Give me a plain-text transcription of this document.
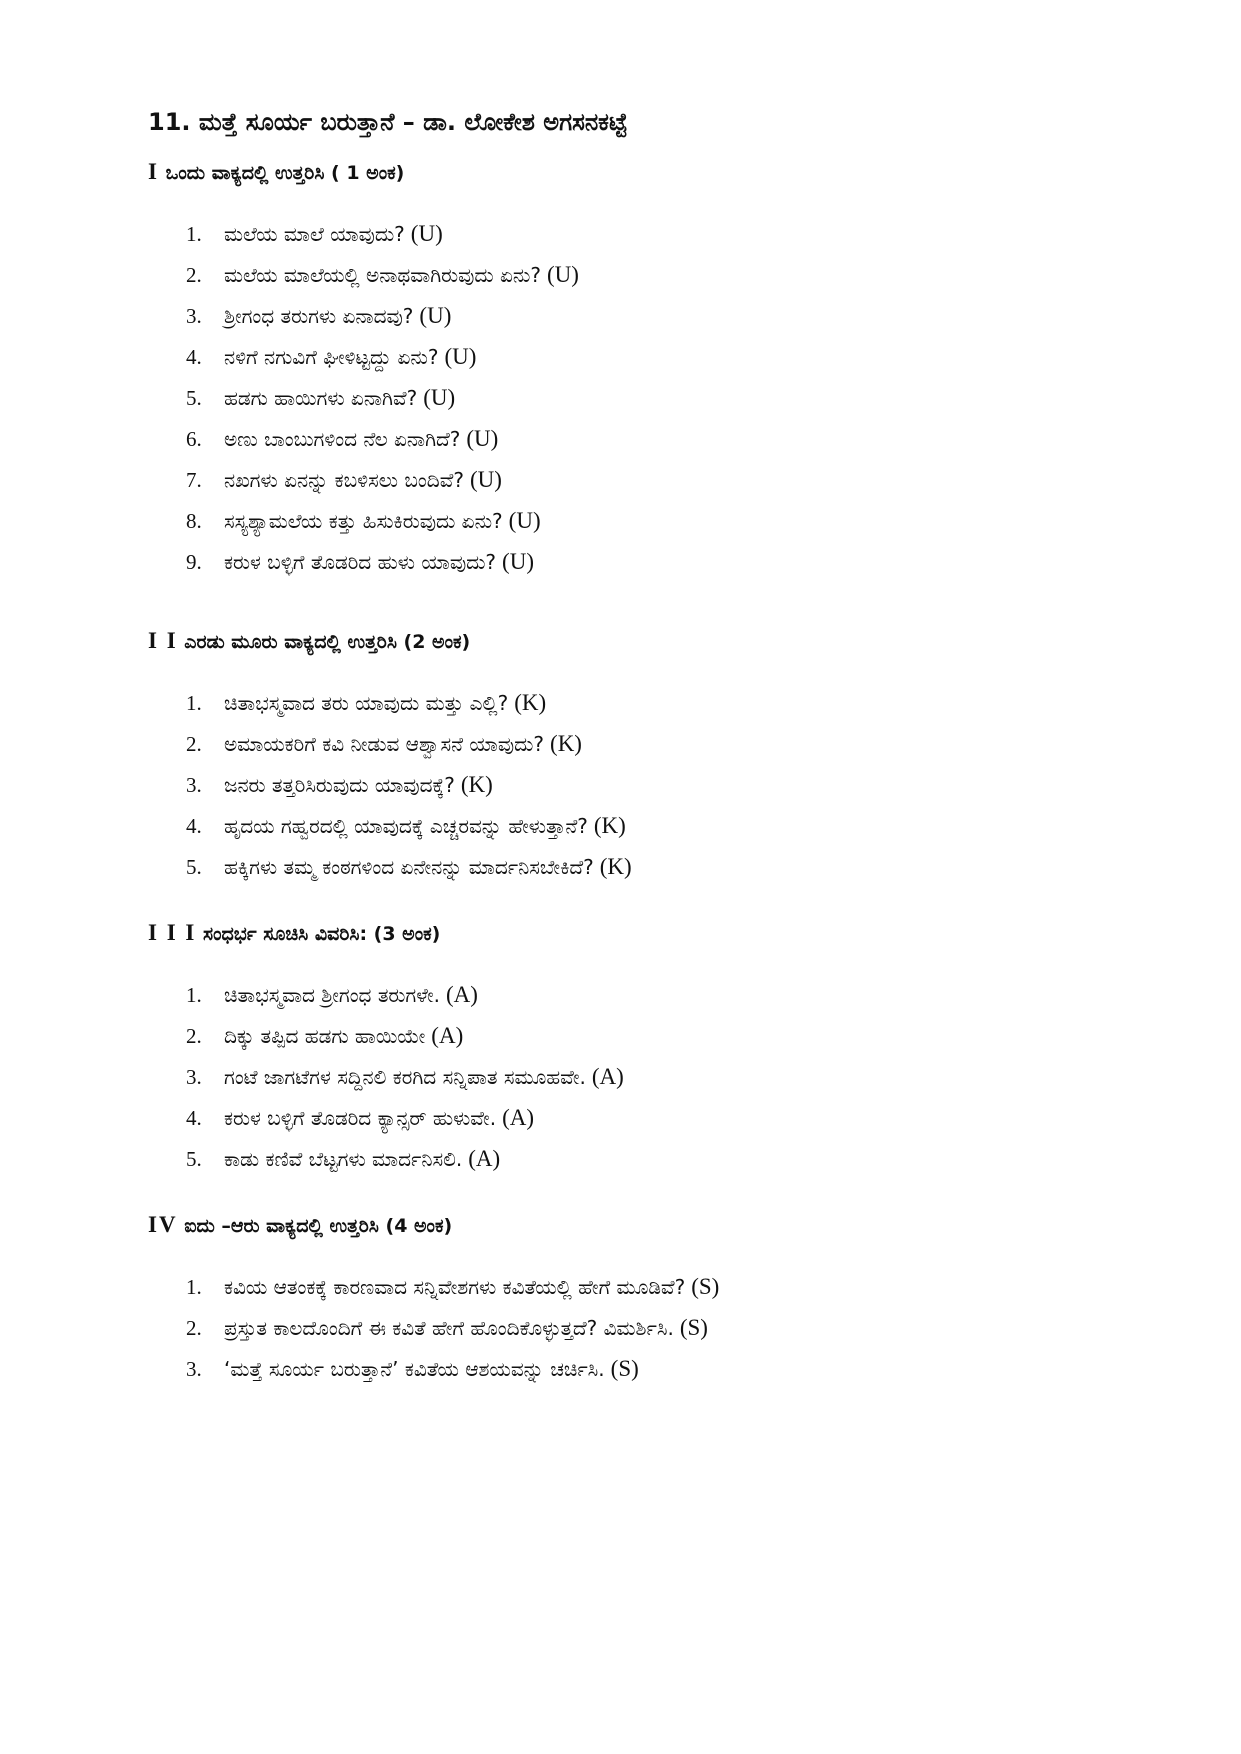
11. ಮತ್ತೆ ಸೂರ್ಯ ಬರುತ್ತಾನೆ – ಡಾ. ಲೋಕೇಶ ಅಗಸನಕಟ್ಟೆ

I ಒಂದು ವಾಕ್ಯದಲ್ಲಿ ಉತ್ತರಿಸಿ ( 1 ಅಂಕ)

1. ಮಲೆಯ ಮಾಲೆ ಯಾವುದು? (U)
2. ಮಲೆಯ ಮಾಲೆಯಲ್ಲಿ ಅನಾಥವಾಗಿರುವುದು ಏನು? (U)
3. ಶ್ರೀಗಂಧ ತರುಗಳು ಏನಾದವು? (U)
4. ನಳಿಗೆ ನಗುವಿಗೆ ಘೀಳಿಟ್ಟದ್ದು ಏನು? (U)
5. ಹಡಗು ಹಾಯಿಗಳು ಏನಾಗಿವೆ? (U)
6. ಅಣು ಬಾಂಬುಗಳಿಂದ ನೆಲ ಏನಾಗಿದೆ? (U)
7. ನಖಗಳು ಏನನ್ನು ಕಬಳಿಸಲು ಬಂದಿವೆ? (U)
8. ಸಸ್ಯಶ್ಯಾಮಲೆಯ ಕತ್ತು ಹಿಸುಕಿರುವುದು ಏನು? (U)
9. ಕರುಳ ಬಳ್ಳಿಗೆ ತೊಡರಿದ ಹುಳು ಯಾವುದು? (U)

I I ಎರಡು ಮೂರು ವಾಕ್ಯದಲ್ಲಿ ಉತ್ತರಿಸಿ (2 ಅಂಕ)

1. ಚಿತಾಭಸ್ಮವಾದ ತರು ಯಾವುದು ಮತ್ತು ಎಲ್ಲಿ? (K)
2. ಅಮಾಯಕರಿಗೆ ಕವಿ ನೀಡುವ ಆಶ್ವಾಸನೆ ಯಾವುದು? (K)
3. ಜನರು ತತ್ತರಿಸಿರುವುದು ಯಾವುದಕ್ಕೆ? (K)
4. ಹೃದಯ ಗಹ್ವರದಲ್ಲಿ ಯಾವುದಕ್ಕೆ ಎಚ್ಚರವನ್ನು ಹೇಳುತ್ತಾನೆ? (K)
5. ಹಕ್ಕಿಗಳು ತಮ್ಮ ಕಂಠಗಳಿಂದ ಏನೇನನ್ನು ಮಾರ್ದನಿಸಬೇಕಿದೆ? (K)

I I I ಸಂಧರ್ಭ ಸೂಚಿಸಿ ವಿವರಿಸಿ: (3 ಅಂಕ)

1. ಚಿತಾಭಸ್ಮವಾದ ಶ್ರೀಗಂಧ ತರುಗಳೇ. (A)
2. ದಿಕ್ಕು ತಪ್ಪಿದ ಹಡಗು ಹಾಯಿಯೇ (A)
3. ಗಂಟೆ ಜಾಗಟೆಗಳ ಸದ್ದಿನಲಿ ಕರಗಿದ ಸನ್ನಿಪಾತ ಸಮೂಹವೇ. (A)
4. ಕರುಳ ಬಳ್ಳಿಗೆ ತೊಡರಿದ ಕ್ಯಾನ್ಸರ್ ಹುಳುವೇ. (A)
5. ಕಾಡು ಕಣಿವೆ ಬೆಟ್ಟಗಳು ಮಾರ್ದನಿಸಲಿ. (A)

IV ಐದು –ಆರು ವಾಕ್ಯದಲ್ಲಿ ಉತ್ತರಿಸಿ (4 ಅಂಕ)

1. ಕವಿಯ ಆತಂಕಕ್ಕೆ ಕಾರಣವಾದ ಸನ್ನಿವೇಶಗಳು ಕವಿತೆಯಲ್ಲಿ ಹೇಗೆ ಮೂಡಿವೆ? (S)
2. ಪ್ರಸ್ತುತ ಕಾಲದೊಂದಿಗೆ ಈ ಕವಿತೆ ಹೇಗೆ ಹೊಂದಿಕೊಳ್ಳುತ್ತದೆ? ವಿಮರ್ಶಿಸಿ. (S)
3. ‘ಮತ್ತೆ ಸೂರ್ಯ ಬರುತ್ತಾನೆ’ ಕವಿತೆಯ ಆಶಯವನ್ನು ಚರ್ಚಿಸಿ. (S)
